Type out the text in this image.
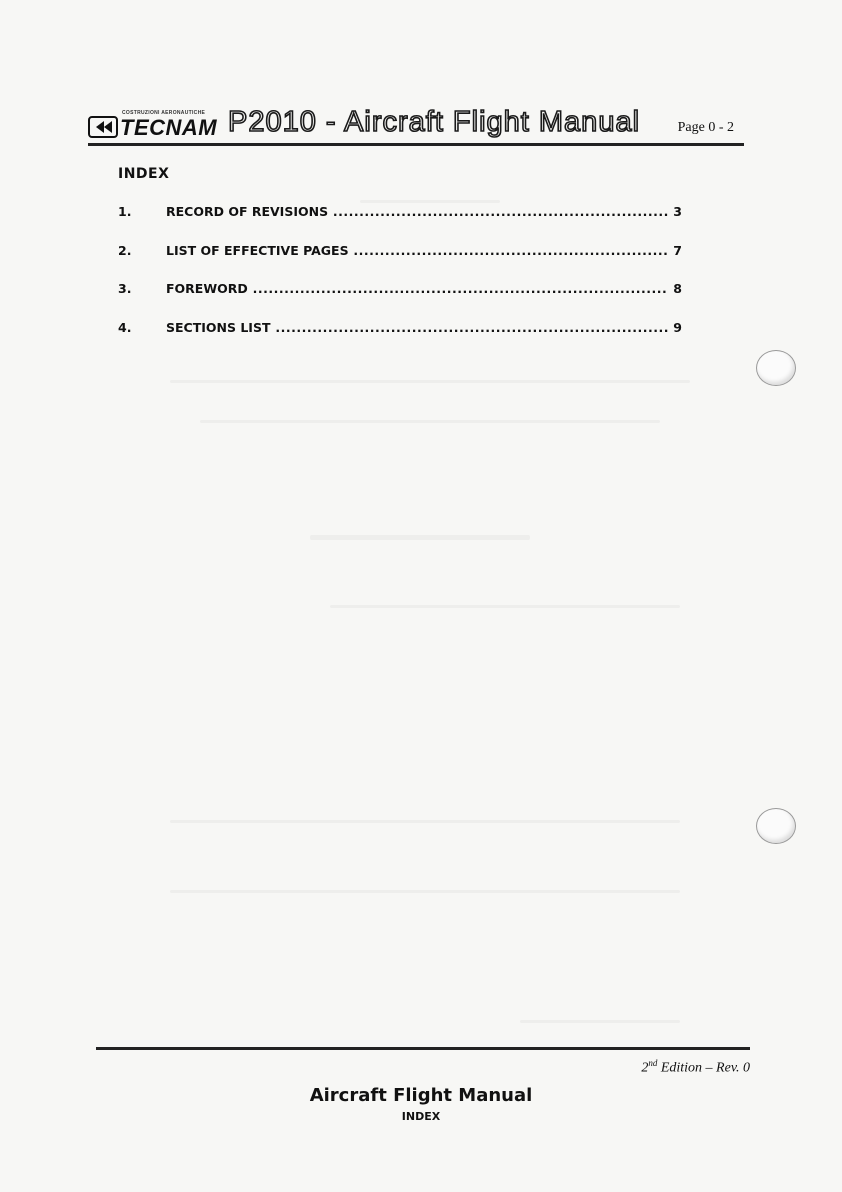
COSTRUZIONI AERONAUTICHE
TECNAM P2010 - Aircraft Flight Manual	Page 0 - 2
INDEX
1.	RECORD OF REVISIONS .....	3
2.	LIST OF EFFECTIVE PAGES .....	7
3.	FOREWORD .....	8
4.	SECTIONS LIST .....	9
2nd Edition – Rev. 0
Aircraft Flight Manual
INDEX
